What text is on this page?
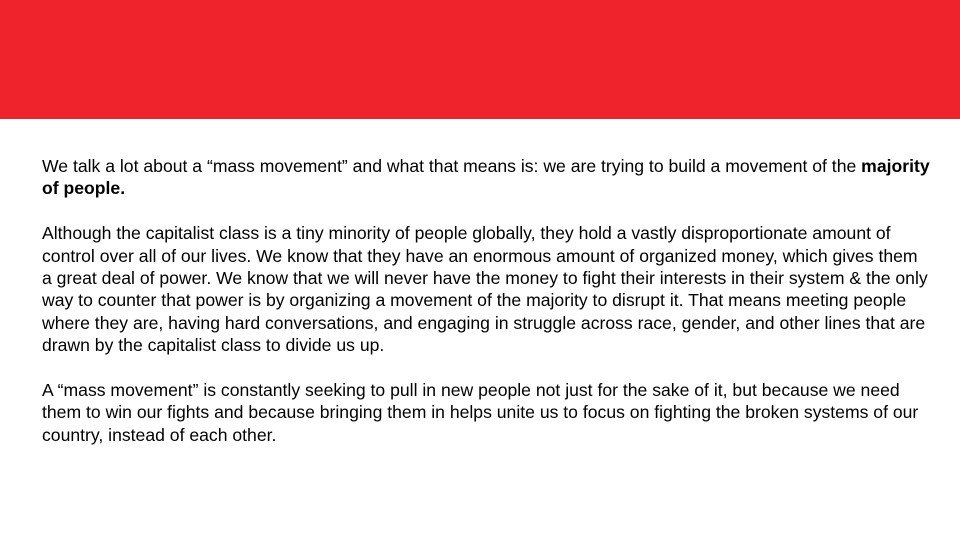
We talk a lot about a “mass movement” and what that means is: we are trying to build a movement of the majority of people.

Although the capitalist class is a tiny minority of people globally, they hold a vastly disproportionate amount of control over all of our lives. We know that they have an enormous amount of organized money, which gives them a great deal of power. We know that we will never have the money to fight their interests in their system & the only way to counter that power is by organizing a movement of the majority to disrupt it. That means meeting people where they are, having hard conversations, and engaging in struggle across race, gender, and other lines that are drawn by the capitalist class to divide us up.

A “mass movement” is constantly seeking to pull in new people not just for the sake of it, but because we need them to win our fights and because bringing them in helps unite us to focus on fighting the broken systems of our country, instead of each other.
